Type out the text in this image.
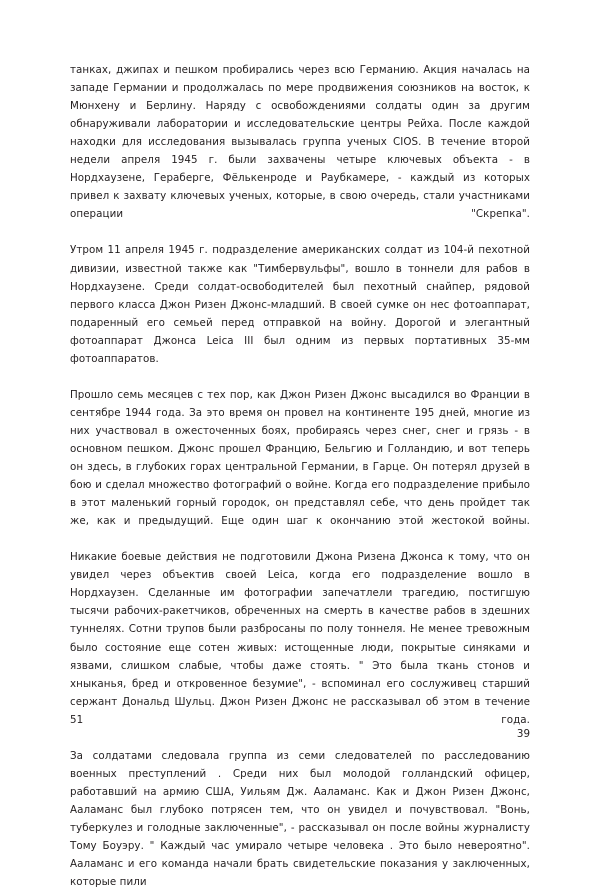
танках, джипах и пешком пробирались через всю Германию. Акция началась на западе Германии и продолжалась по мере продвижения союзников на восток, к Мюнхену и Берлину. Наряду с освобождениями солдаты один за другим обнаруживали лаборатории и исследовательские центры Рейха. После каждой находки для исследования вызывалась группа ученых CIOS. В течение второй недели апреля 1945 г. были захвачены четыре ключевых объекта - в Нордхаузене, Гераберге, Фёлькенроде и Раубкамере, - каждый из которых привел к захвату ключевых ученых, которые, в свою очередь, стали участниками операции "Скрепка".

Утром 11 апреля 1945 г. подразделение американских солдат из 104-й пехотной дивизии, известной также как "Тимбервульфы", вошло в тоннели для рабов в Нордхаузене. Среди солдат-освободителей был пехотный снайпер, рядовой первого класса Джон Ризен Джонс-младший. В своей сумке он нес фотоаппарат, подаренный его семьей перед отправкой на войну. Дорогой и элегантный фотоаппарат Джонса Leica III был одним из первых портативных 35-мм фотоаппаратов.

Прошло семь месяцев с тех пор, как Джон Ризен Джонс высадился во Франции в сентябре 1944 года. За это время он провел на континенте 195 дней, многие из них участвовал в ожесточенных боях, пробираясь через снег, снег и грязь - в основном пешком. Джонс прошел Францию, Бельгию и Голландию, и вот теперь он здесь, в глубоких горах центральной Германии, в Гарце. Он потерял друзей в бою и сделал множество фотографий о войне. Когда его подразделение прибыло в этот маленький горный городок, он представлял себе, что день пройдет так же, как и предыдущий. Еще один шаг к окончанию этой жестокой войны.

Никакие боевые действия не подготовили Джона Ризена Джонса к тому, что он увидел через объектив своей Leica, когда его подразделение вошло в Нордхаузен. Сделанные им фотографии запечатлели трагедию, постигшую тысячи рабочих-ракетчиков, обреченных на смерть в качестве рабов в здешних туннелях. Сотни трупов были разбросаны по полу тоннеля. Не менее тревожным было состояние еще сотен живых: истощенные люди, покрытые синяками и язвами, слишком слабые, чтобы даже стоять. " Это была ткань стонов и хныканья, бред и откровенное безумие", - вспоминал его сослуживец старший сержант Дональд Шульц. Джон Ризен Джонс не рассказывал об этом в течение 51 года.

За солдатами следовала группа из семи следователей по расследованию военных преступлений . Среди них был молодой голландский офицер, работавший на армию США, Уильям Дж. Ааламанс. Как и Джон Ризен Джонс, Ааламанс был глубоко потрясен тем, что он увидел и почувствовал. "Вонь, туберкулез и голодные заключенные", - рассказывал он после войны журналисту Тому Боуэру. " Каждый час умирало четыре человека . Это было невероятно". Ааламанс и его команда начали брать свидетельские показания у заключенных, которые пили

39
